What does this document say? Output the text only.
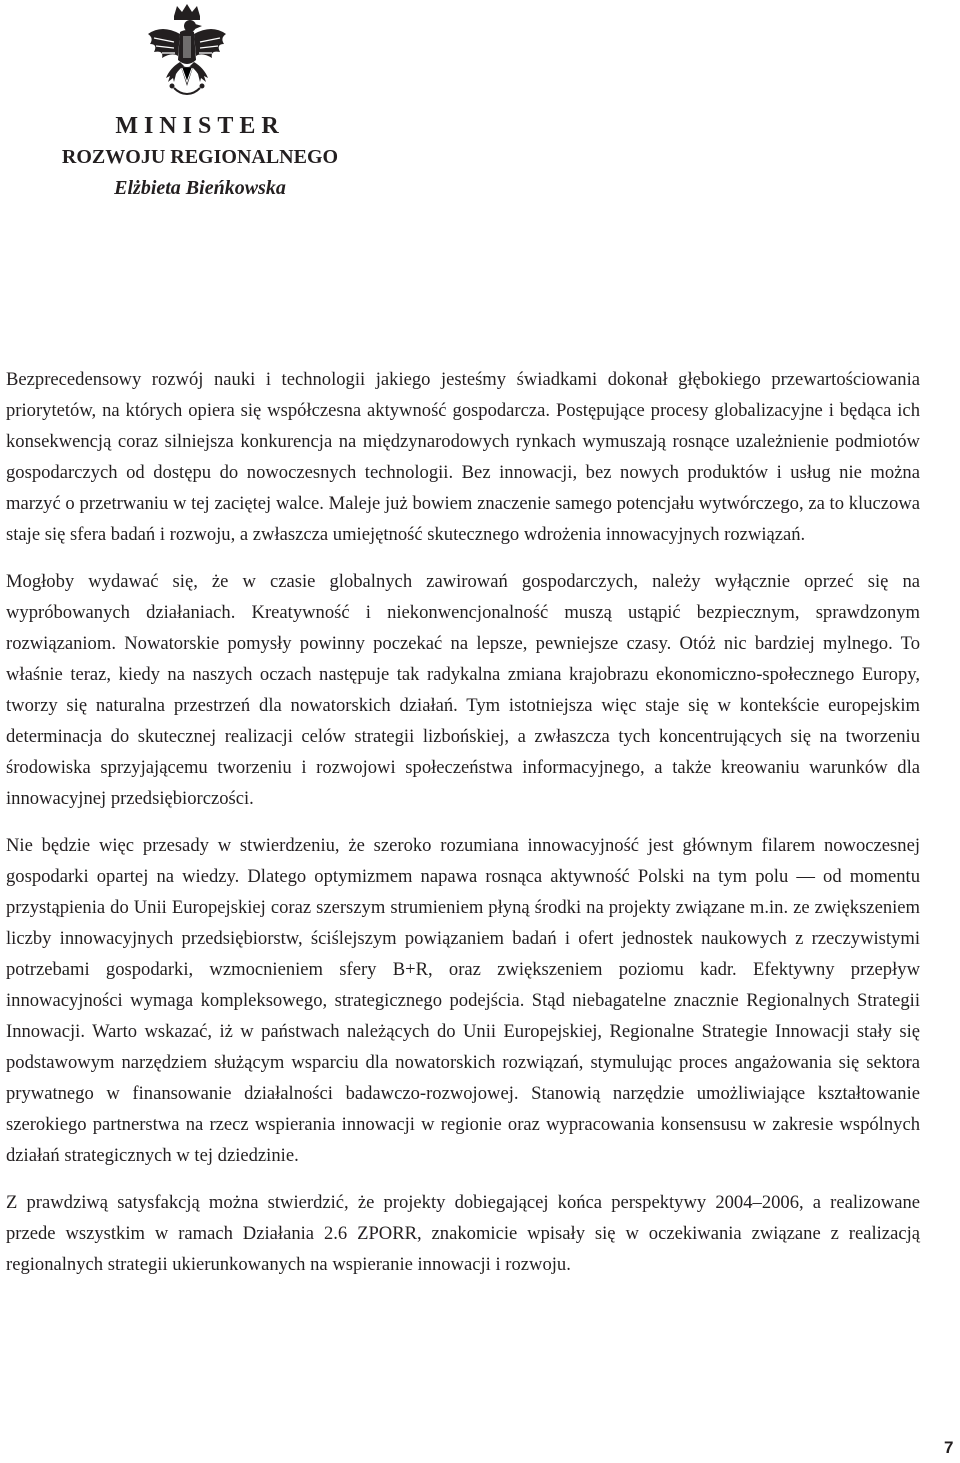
MINISTER
ROZWOJU REGIONALNEGO
Elżbieta Bieńkowska

Bezprecedensowy rozwój nauki i technologii jakiego jesteśmy świadkami dokonał głębokiego przewartościowania priorytetów, na których opiera się współczesna aktywność gospodarcza. Postępujące procesy globalizacyjne i będąca ich konsekwencją coraz silniejsza konkurencja na międzynarodowych rynkach wymuszają rosnące uzależnienie podmiotów gospodarczych od dostępu do nowoczesnych technologii. Bez innowacji, bez nowych produktów i usług nie można marzyć o przetrwaniu w tej zaciętej walce. Maleje już bowiem znaczenie samego potencjału wytwórczego, za to kluczowa staje się sfera badań i rozwoju, a zwłaszcza umiejętność skutecznego wdrożenia innowacyjnych rozwiązań.

Mogłoby wydawać się, że w czasie globalnych zawirowań gospodarczych, należy wyłącznie oprzeć się na wypróbowanych działaniach. Kreatywność i niekonwencjonalność muszą ustąpić bezpiecznym, sprawdzonym rozwiązaniom. Nowatorskie pomysły powinny poczekać na lepsze, pewniejsze czasy. Otóż nic bardziej mylnego. To właśnie teraz, kiedy na naszych oczach następuje tak radykalna zmiana krajobrazu ekonomiczno-społecznego Europy, tworzy się naturalna przestrzeń dla nowatorskich działań. Tym istotniejsza więc staje się w kontekście europejskim determinacja do skutecznej realizacji celów strategii lizbońskiej, a zwłaszcza tych koncentrujących się na tworzeniu środowiska sprzyjającemu tworzeniu i rozwojowi społeczeństwa informacyjnego, a także kreowaniu warunków dla innowacyjnej przedsiębiorczości.

Nie będzie więc przesady w stwierdzeniu, że szeroko rozumiana innowacyjność jest głównym filarem nowoczesnej gospodarki opartej na wiedzy. Dlatego optymizmem napawa rosnąca aktywność Polski na tym polu — od momentu przystąpienia do Unii Europejskiej coraz szerszym strumieniem płyną środki na projekty związane m.in. ze zwiększeniem liczby innowacyjnych przedsiębiorstw, ściślejszym powiązaniem badań i ofert jednostek naukowych z rzeczywistymi potrzebami gospodarki, wzmocnieniem sfery B+R, oraz zwiększeniem poziomu kadr. Efektywny przepływ innowacyjności wymaga kompleksowego, strategicznego podejścia. Stąd niebagatelne znacznie Regionalnych Strategii Innowacji. Warto wskazać, iż w państwach należących do Unii Europejskiej, Regionalne Strategie Innowacji stały się podstawowym narzędziem służącym wsparciu dla nowatorskich rozwiązań, stymulując proces angażowania się sektora prywatnego w finansowanie działalności badawczo-rozwojowej. Stanowią narzędzie umożliwiające kształtowanie szerokiego partnerstwa na rzecz wspierania innowacji w regionie oraz wypracowania konsensusu w zakresie wspólnych działań strategicznych w tej dziedzinie.

Z prawdziwą satysfakcją można stwierdzić, że projekty dobiegającej końca perspektywy 2004–2006, a realizowane przede wszystkim w ramach Działania 2.6 ZPORR, znakomicie wpisały się w oczekiwania związane z realizacją regionalnych strategii ukierunkowanych na wspieranie innowacji i rozwoju.

7
